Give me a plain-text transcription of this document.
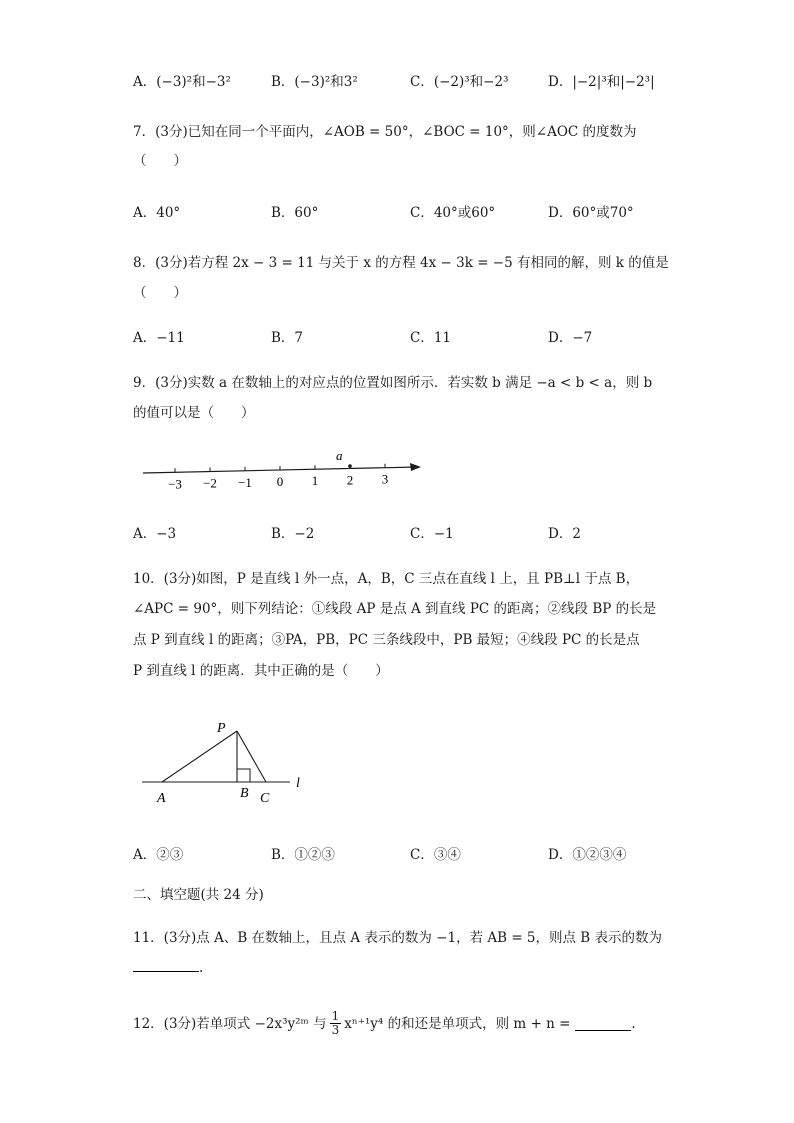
A．(−3)²和−3²	B．(−3)²和3²	C．(−2)³和−2³	D．|−2|³和|−2³|
7．(3分)已知在同一个平面内，∠AOB = 50°，∠BOC = 10°，则∠AOC 的度数为
（　　）
A．40°	B．60°	C．40°或60°	D．60°或70°
8．(3分)若方程 2x − 3 = 11 与关于 x 的方程 4x − 3k = −5 有相同的解，则 k 的值是
（　　）
A．−11	B．7	C．11	D．−7
9．(3分)实数 a 在数轴上的对应点的位置如图所示．若实数 b 满足 −a < b < a，则 b
的值可以是（　　）
−3 −2 −1 0 1 2 3
a
A．−3	B．−2	C．−1	D．2
10．(3分)如图，P 是直线 l 外一点，A，B，C 三点在直线 l 上，且 PB⊥l 于点 B，
∠APC = 90°，则下列结论：①线段 AP 是点 A 到直线 PC 的距离；②线段 BP 的长是
点 P 到直线 l 的距离；③PA，PB，PC 三条线段中，PB 最短；④线段 PC 的长是点
P 到直线 l 的距离．其中正确的是（　　）
P
A	B C
l
A．②③	B．①②③	C．③④	D．①②③④
二、填空题(共 24 分)
11．(3分)点 A、B 在数轴上，且点 A 表示的数为 −1，若 AB = 5，则点 B 表示的数为
.
12．(3分)若单项式 −2x³y²ᵐ 与 $\frac{1}{3} x^{n+1}y^4$ 的和还是单项式，则 m + n =	.
